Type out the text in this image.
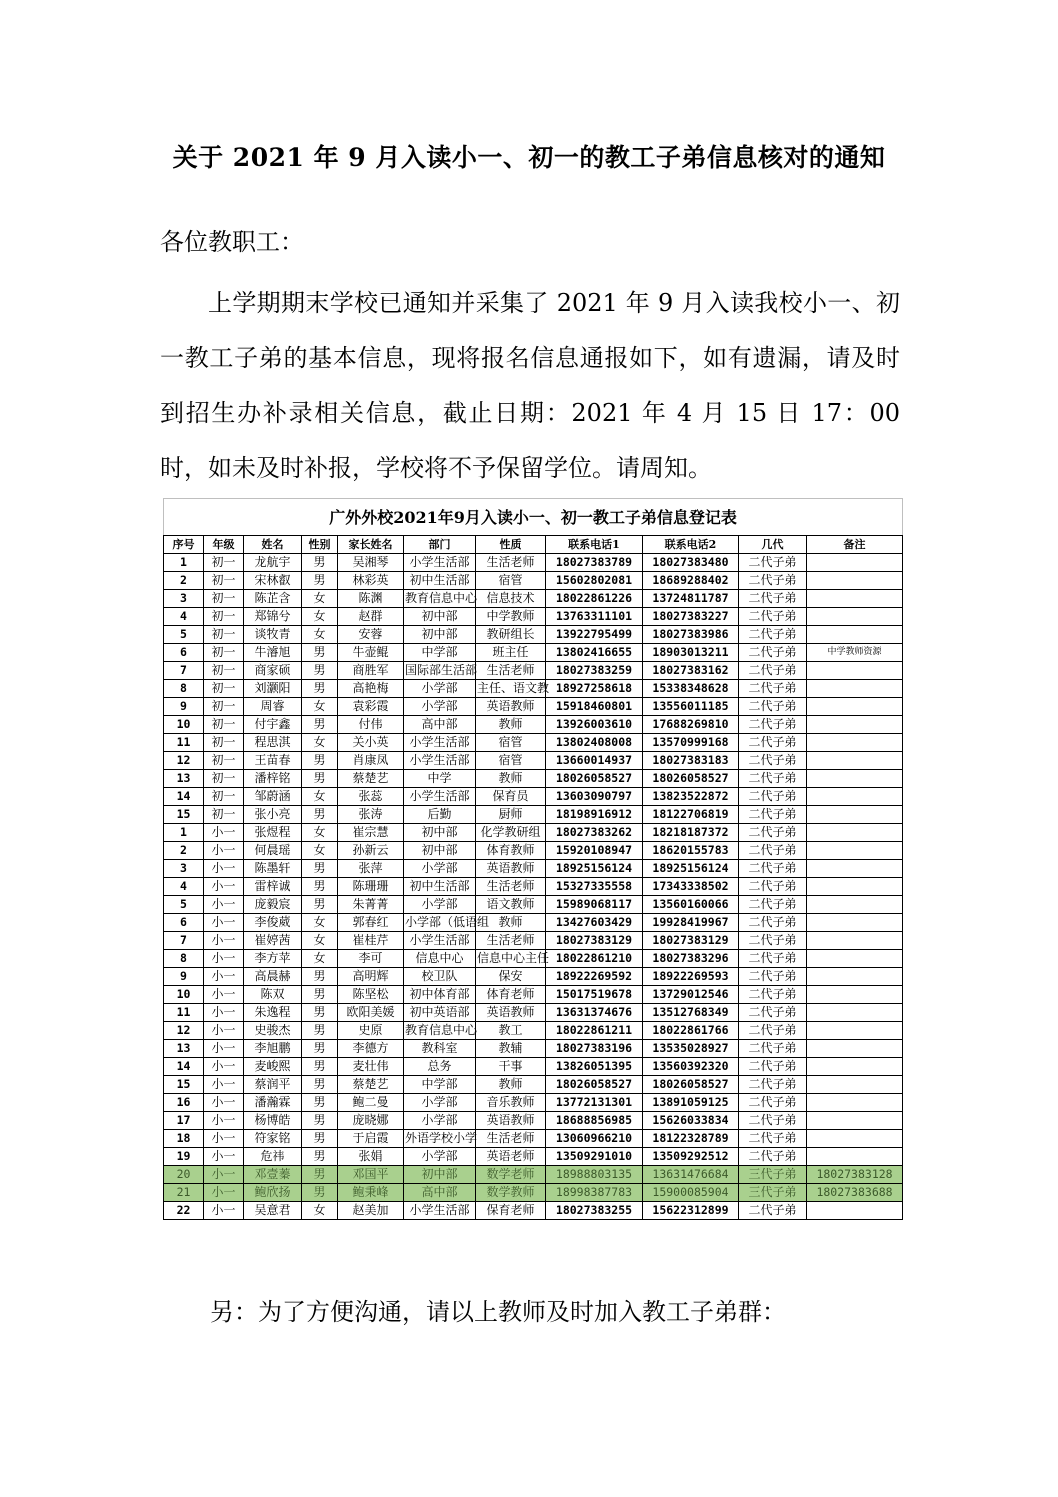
关于 2021 年 9 月入读小一、初一的教工子弟信息核对的通知
各位教职工：
上学期期末学校已通知并采集了 2021 年 9 月入读我校小一、初一教工子弟的基本信息，现将报名信息通报如下，如有遗漏，请及时到招生办补录相关信息，截止日期：2021 年 4 月 15 日 17：00 时，如未及时补报，学校将不予保留学位。请周知。
广外外校2021年9月入读小一、初一教工子弟信息登记表										
序号	年级	姓名	性别	家长姓名	部门	性质	联系电话1	联系电话2	几代	备注
1	初一	龙航宇	男	吴湘琴	小学生活部	生活老师	18027383789	18027383480	二代子弟	
2	初一	宋林叡	男	林彩英	初中生活部	宿管	15602802081	18689288402	二代子弟	
3	初一	陈芷含	女	陈渊	教育信息中心	信息技术	18022861226	13724811787	二代子弟	
4	初一	郑锦兮	女	赵群	初中部	中学教师	13763311101	18027383227	二代子弟	
5	初一	谈牧青	女	安蓉	初中部	教研组长	13922795499	18027383986	二代子弟	
6	初一	牛濬旭	男	牛壶鲲	中学部	班主任	13802416655	18903013211	二代子弟	中学教师资源
7	初一	商家硕	男	商胜军	国际部生活部	生活老师	18027383259	18027383162	二代子弟	
8	初一	刘灏阳	男	高艳梅	小学部	主任、语文教	18927258618	15338348628	二代子弟	
9	初一	周睿	女	袁彩霞	小学部	英语教师	15918460801	13556011185	二代子弟	
10	初一	付宇鑫	男	付伟	高中部	教师	13926003610	17688269810	二代子弟	
11	初一	程思淇	女	关小英	小学生活部	宿管	13802408008	13570999168	二代子弟	
12	初一	王苗春	男	肖康凤	小学生活部	宿管	13660014937	18027383183	二代子弟	
13	初一	潘梓铭	男	蔡楚艺	中学	教师	18026058527	18026058527	二代子弟	
14	初一	邹蔚涵	女	张蕊	小学生活部	保育员	13603090797	13823522872	二代子弟	
15	初一	张小亮	男	张涛	后勤	厨师	18198916912	18122706819	二代子弟	
1	小一	张煜程	女	崔宗慧	初中部	化学教研组	18027383262	18218187372	二代子弟	
2	小一	何晨瑶	女	孙新云	初中部	体育教师	15920108947	18620155783	二代子弟	
3	小一	陈墨轩	男	张萍	小学部	英语教师	18925156124	18925156124	二代子弟	
4	小一	雷梓诚	男	陈珊珊	初中生活部	生活老师	15327335558	17343338502	二代子弟	
5	小一	庞毅宸	男	朱菁菁	小学部	语文教师	15989068117	13560160066	二代子弟	
6	小一	李俊葳	女	郭春红	小学部（低语组	教师	13427603429	19928419967	二代子弟	
7	小一	崔婷茜	女	崔桂芹	小学生活部	生活老师	18027383129	18027383129	二代子弟	
8	小一	李方苹	女	李可	信息中心	信息中心主任	18022861210	18027383296	二代子弟	
9	小一	高晨赫	男	高明辉	校卫队	保安	18922269592	18922269593	二代子弟	
10	小一	陈双	男	陈坚松	初中体育部	体育老师	15017519678	13729012546	二代子弟	
11	小一	朱逸程	男	欧阳美媛	初中英语部	英语教师	13631374676	13512768349	二代子弟	
12	小一	史骏杰	男	史原	教育信息中心	教工	18022861211	18022861766	二代子弟	
13	小一	李旭鹏	男	李德方	教科室	教辅	18027383196	13535028927	二代子弟	
14	小一	麦峻熙	男	麦壮伟	总务	干事	13826051395	13560392320	二代子弟	
15	小一	蔡润平	男	蔡楚艺	中学部	教师	18026058527	18026058527	二代子弟	
16	小一	潘瀚霖	男	鲍二曼	小学部	音乐教师	13772131301	13891059125	二代子弟	
17	小一	杨博皓	男	庞晓娜	小学部	英语教师	18688856985	15626033834	二代子弟	
18	小一	符家铭	男	于启霞	外语学校小学	生活老师	13060966210	18122328789	二代子弟	
19	小一	危祎	男	张娟	小学部	英语老师	13509291010	13509292512	二代子弟	
20	小一	邓壹蓁	男	邓国平	初中部	数学老师	18988803135	13631476684	三代子弟	18027383128
21	小一	鲍欣扬	男	鲍秉峰	高中部	数学教师	18998387783	15900085904	三代子弟	18027383688
22	小一	吴意君	女	赵美加	小学生活部	保育老师	18027383255	15622312899	二代子弟	
另：为了方便沟通，请以上教师及时加入教工子弟群：
